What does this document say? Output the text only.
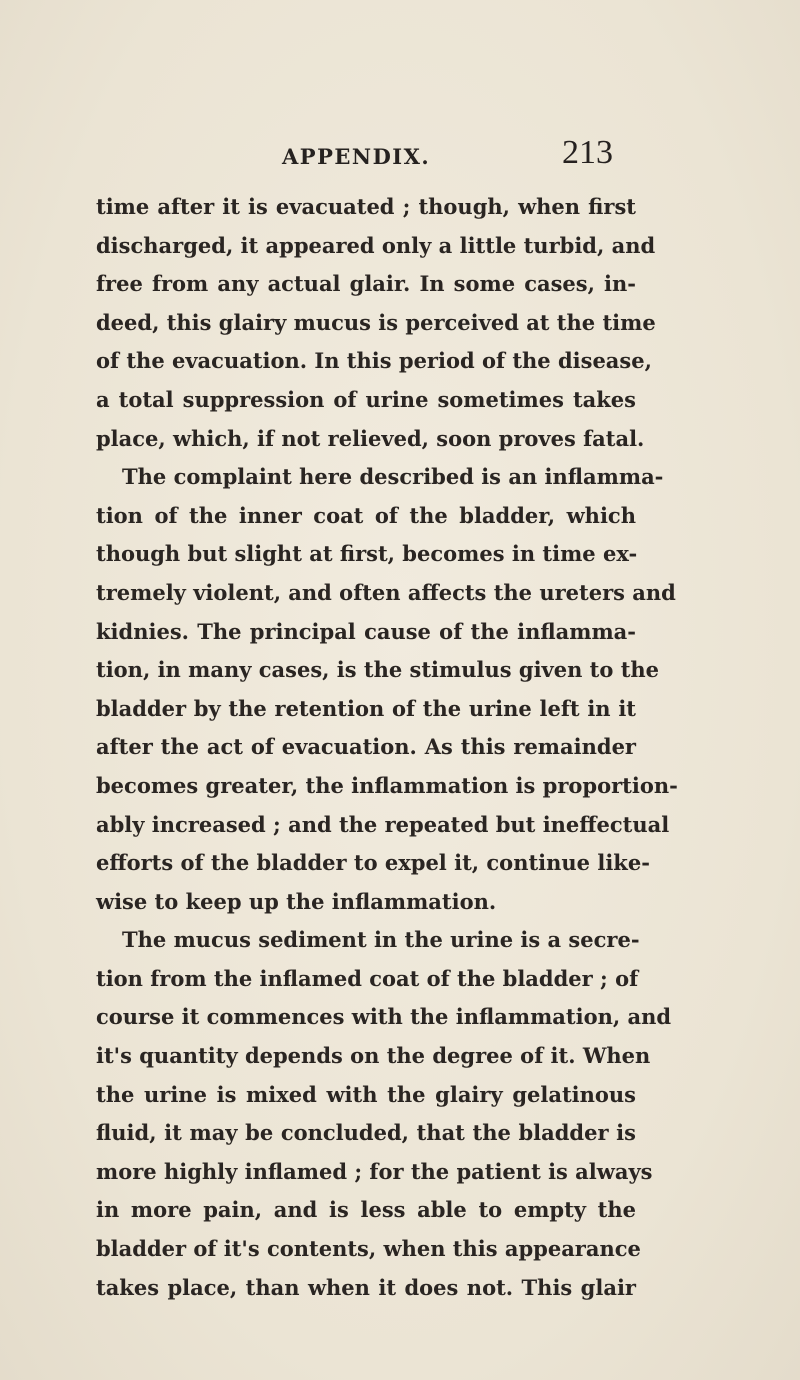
APPENDIX.	213
time after it is evacuated ; though, when first
discharged, it appeared only a little turbid, and
free from any actual glair. In some cases, in-
deed, this glairy mucus is perceived at the time
of the evacuation. In this period of the disease,
a total suppression of urine sometimes takes
place, which, if not relieved, soon proves fatal.
The complaint here described is an inflamma-
tion of the inner coat of the bladder, which
though but slight at first, becomes in time ex-
tremely violent, and often affects the ureters and
kidnies. The principal cause of the inflamma-
tion, in many cases, is the stimulus given to the
bladder by the retention of the urine left in it
after the act of evacuation. As this remainder
becomes greater, the inflammation is proportion-
ably increased ; and the repeated but ineffectual
efforts of the bladder to expel it, continue like-
wise to keep up the inflammation.
The mucus sediment in the urine is a secre-
tion from the inflamed coat of the bladder ; of
course it commences with the inflammation, and
it's quantity depends on the degree of it. When
the urine is mixed with the glairy gelatinous
fluid, it may be concluded, that the bladder is
more highly inflamed ; for the patient is always
in more pain, and is less able to empty the
bladder of it's contents, when this appearance
takes place, than when it does not. This glair
